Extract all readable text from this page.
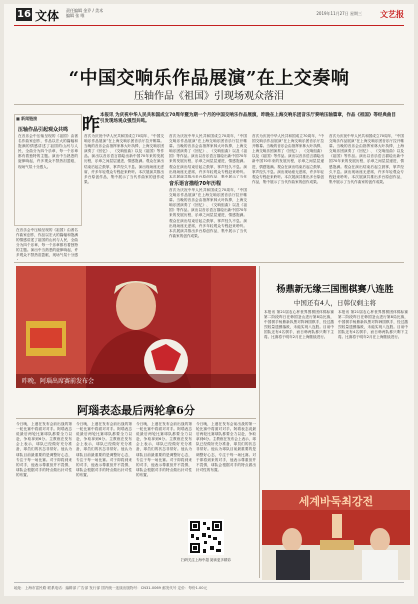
16 文体 责任编辑 金乔 / 美术编辑 张 唯	2019年11月27日 星期三 文艺报
“中国交响乐作品展演”在上交奏响
压轴作品《祖国》引现场观众落泪
■ 新闻链接
压轴作品引起观众共鸣
在音乐会中压轴呈现的《祖国》由著名作曲家创作，作品以宏大的篇幅和饱满的情感讲述了祖国的山河与人民，全曲分为四个乐章，每一个乐章都有着独特的主题。演出中当熟悉的旋律响起，许多观众不禁热泪盈眶，现场气氛十分感人。
在音乐会中压轴呈现的《祖国》由著名作曲家创作，作品以宏大的篇幅和饱满的情感讲述了祖国的山河与人民，全曲分为四个乐章，每一个乐章都有着独特的主题。演出中当熟悉的旋律响起，许多观众不禁热泪盈眶，现场气氛十分感
昨 本报讯 为庆祝中华人民共和国成立70周年暨为期一个月的中国交响乐作品展演，昨晚在上海交响乐团音乐厅奏响压轴篇章，作品《祖国》等经典曲目引发现场观众强烈共鸣。
首次为庆祝中华人民共和国成立70周年，“中国交响乐作品展演”在上海交响乐团音乐厅拉开帷幕。当晚的音乐会由指挥家林大叶执棒，上海交响乐团演奏了《回忆》、《交响组曲》以及《祖国》等作品。演出以音乐语言描绘出新中国70年来的发展历程，乐章之间层层递进，情感饱满。观众在演出结束后起立鼓掌，掌声经久不息。演出现场座无虚席，许多年轻观众专程赶来聆听。本次展演共推出多台原创作品，集中展示了当代作曲家的创作成果。	音乐语言描绘70年历程
首次为庆祝中华人民共和国成立70周年，“中国交响乐作品展演”在上海交响乐团音乐厅拉开帷幕。当晚的音乐会由指挥家林大叶执棒，上海交响乐团演奏了《回忆》、《交响组曲》以及《祖国》等作品。演出以音乐语言描绘出新中国70年来的发展历程，乐章之间层层递进，情感饱满。观众在演出结束后起立鼓掌，掌声经久不息。演出现场座无虚席，许多年轻观众专程赶来聆听。本次展演共推出多台原创作品，集中展示了当代
首次为庆祝中华人民共和国成立70周年，“中国交响乐作品展演”在上海交响乐团音乐厅拉开帷幕。当晚的音乐会由指挥家林大叶执棒，上海交响乐团演奏了《回忆》、《交响组曲》以及《祖国》等作品。演出以音乐语言描绘出新中国70年来的发展历程，乐章之间层层递进，情感饱满。观众在演出结束后起立鼓掌，掌声经久不息。演出现场座无虚席，许多年轻观众专程赶来聆听。本次展演共推出多台原创作品，集中展示了当代作曲家的创作成果。
首次为庆祝中华人民共和国成立70周年，“中国交响乐作品展演”在上海交响乐团音乐厅拉开帷幕。当晚的音乐会由指挥家林大叶执棒，上海交响乐团演奏了《回忆》、《交响组曲》以及《祖国》等作品。演出以音乐语言描绘出新中国70年来的发展历程，乐章之间层层递进，情感饱满。观众在演出结束后起立鼓掌，掌声经久不息。演出现场座无虚席，许多年轻观众专程赶来聆听。本次展演共推出多台原创作品，集中展示了当代作曲家的创作成果。
首次为庆祝中华人民共和国成立70周年，“中国交响乐作品展演”在上海交响乐团音乐厅拉开帷幕。当晚的音乐会由指挥家林大叶执棒，上海交响乐团演奏了《回忆》、《交响组曲》以及《祖国》等作品。演出以音乐语言描绘出新中国70年来的发展历程，乐章之间层层递进，情感饱满。观众在演出结束后起立鼓掌，掌声经久不息。演出现场座无虚席，许多年轻观众专程赶来聆听。本次展演共推出多台原创作品，集中展示了当代作曲家的创作成果。
昨晚，阿瑙出席赛前发布会
阿瑙表态最后两轮拿6分
今日晚，上港在发布会前出战的第一轮比赛中将面对对手。阿瑙表态说最后两轮比赛球队都要全力以赴，争取拿到6分。主教练在发布会上表示，球队已经做好充分准备，球员们的状态非常好。他认为球队目前最重要的是调整好心态，专注于每一场比赛。对于即将到来的对手，他表示尊重但并不畏惧，球队会根据对手的特点做出针对性的布置。
今日晚，上港在发布会前出战的第一轮比赛中将面对对手。阿瑙表态说最后两轮比赛球队都要全力以赴，争取拿到6分。主教练在发布会上表示，球队已经做好充分准备，球员们的状态非常好。他认为球队目前最重要的是调整好心态，专注于每一场比赛。对于即将到来的对手，他表示尊重但并不畏惧，球队会根据对手的特点做出针对性的布置。
今日晚，上港在发布会前出战的第一轮比赛中将面对对手。阿瑙表态说最后两轮比赛球队都要全力以赴，争取拿到6分。主教练在发布会上表示，球队已经做好充分准备，球员们的状态非常好。他认为球队目前最重要的是调整好心态，专注于每一场比赛。对于即将到来的对手，他表示尊重但并不畏惧，球队会根据对手的特点做出针对性的布置。
今日晚，上港在发布会前出战的第一轮比赛中将面对对手。阿瑙表态说最后两轮比赛球队都要全力以赴，争取拿到6分。主教练在发布会上表示，球队已经做好充分准备，球员们的状态非常好。他认为球队目前最重要的是调整好心态，专注于每一场比赛。对于即将到来的对手，他表示尊重但并不畏惧，球队会根据对手的特点做出针对性的布置。
扫码关注上海中超 阅读更多精彩
杨鼎新无缘三国围棋赛八连胜
中国还有4人，日韩仅剩主将
本报讯 第21届农心杯世界围棋团体锦标赛第二阶段昨日在韩国釜山进行第8局比赛，中国棋手杨鼎新执黑对阵韩国棋手，经过激烈较量遗憾落败，未能实现八连胜。目前中国队还有4名棋手，而日韩两队都只剩下主将。比赛将于明年2月在上海继续进行。
本报讯 第21届农心杯世界围棋团体锦标赛第二阶段昨日在韩国釜山进行第8局比赛，中国棋手杨鼎新执黑对阵韩国棋手，经过激烈较量遗憾落败，未能实现八连胜。目前中国队还有4名棋手，而日韩两队都只剩下主将。比赛将于明年2月在上海继续进行。
세계바둑최강전
地址：上海市富民路 联系电话：编辑部 广告部 发行部 国内统一连续出版物号：CN31-0069 邮发代号 定价：每份1.00元
